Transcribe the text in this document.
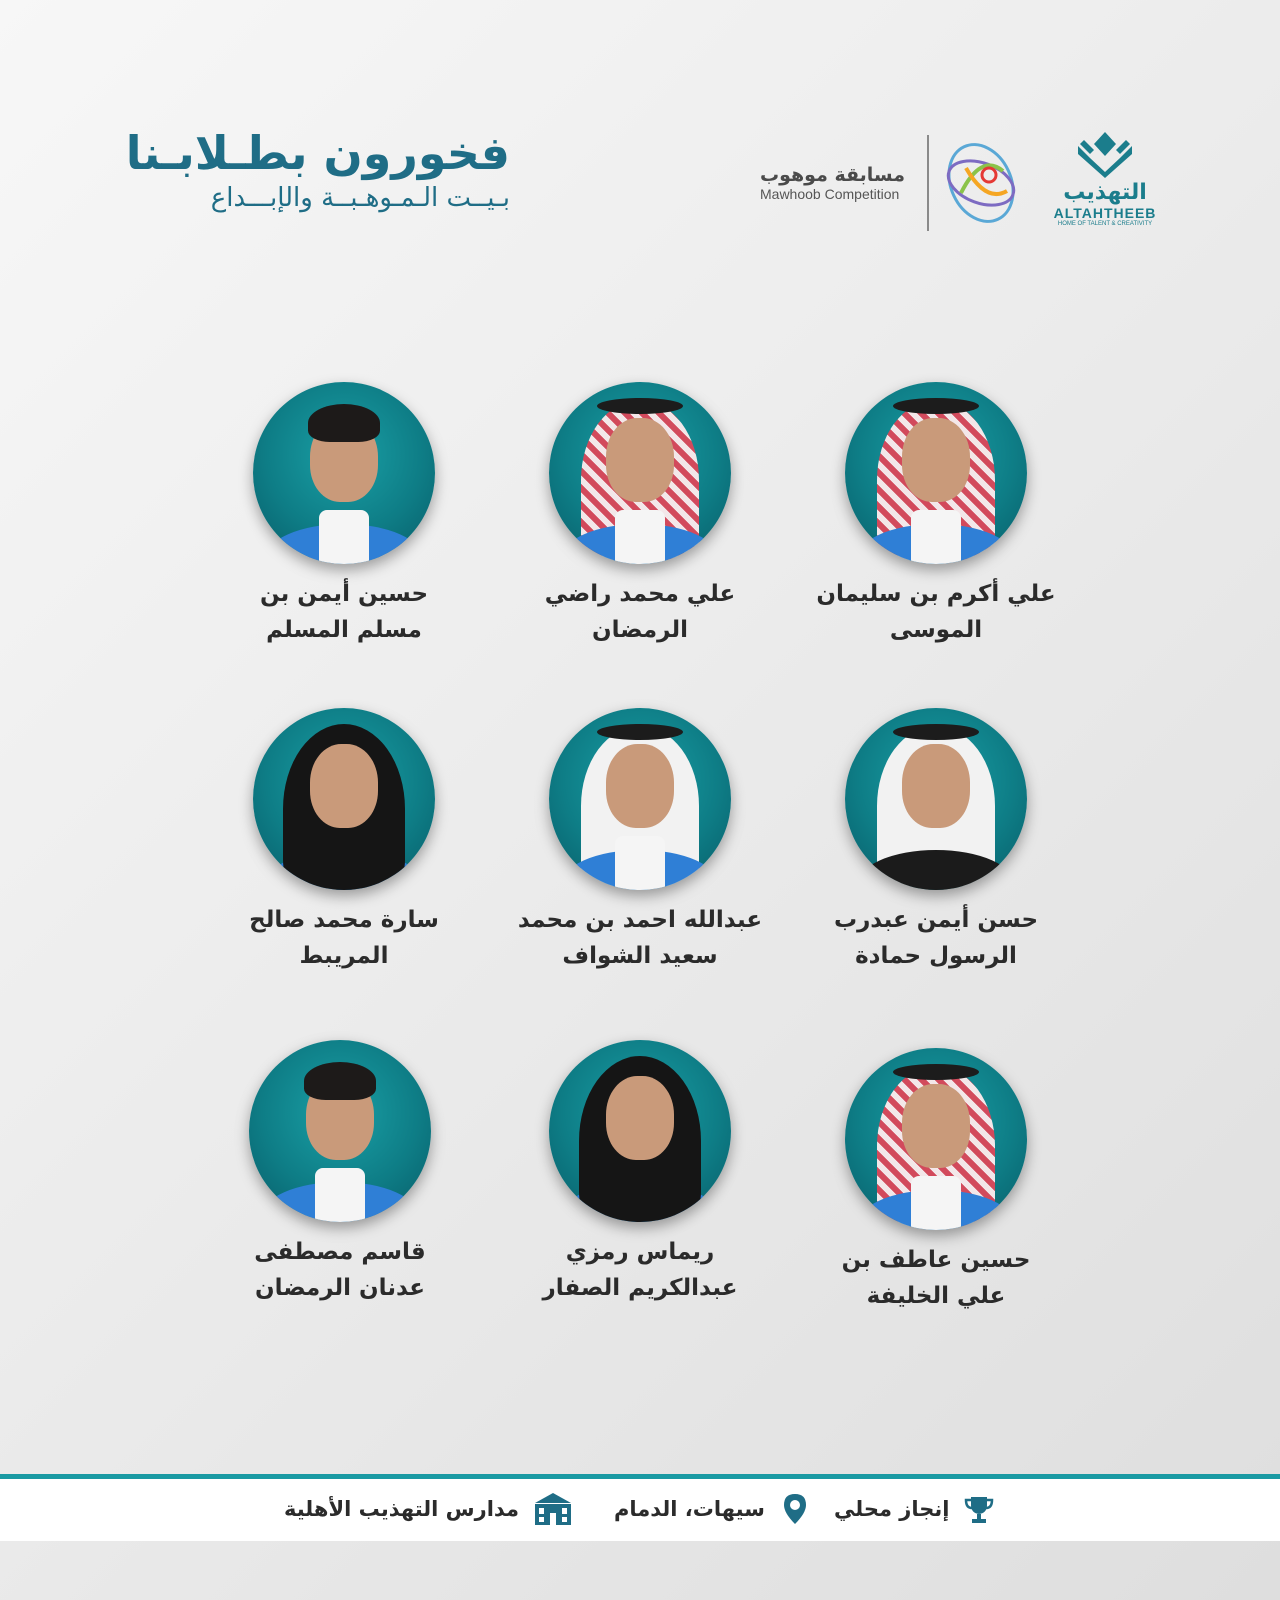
فخورون بطـلابـنا
بـيــت الـمـوهـبــة والإبـــداع
مسابقة موهوب
Mawhoob Competition	التهذيب
ALTAHTHEEB
HOME OF TALENT & CREATIVITY
علي أكرم بن سليمان
الموسى
علي محمد راضي
الرمضان
حسين أيمن بن
مسلم المسلم
حسن أيمن عبدرب
الرسول حمادة
عبدالله احمد بن محمد
سعيد الشواف
سارة محمد صالح
المريبط
حسين عاطف بن
علي الخليفة
ريماس رمزي
عبدالكريم الصفار
قاسم مصطفى
عدنان الرمضان
إنجاز محلي
سيهات، الدمام
مدارس التهذيب الأهلية
